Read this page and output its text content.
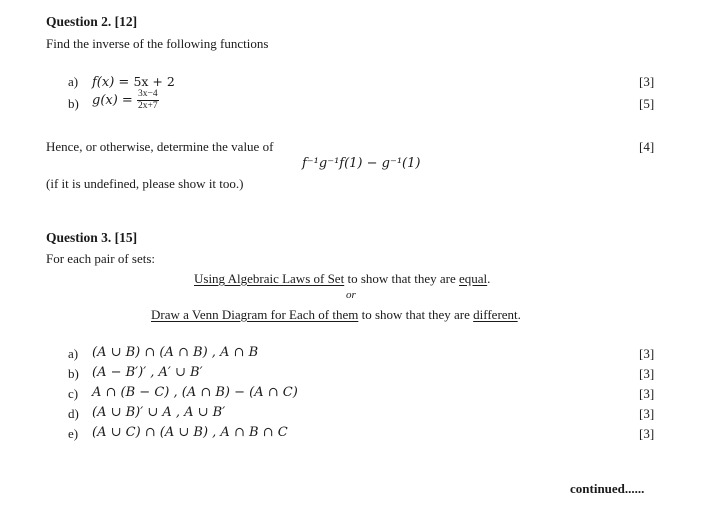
Question 2. [12]
Find the inverse of the following functions
a) f(x) = 5x + 2	[3]
b) $g(x) = \frac{3x-4}{2x+7}$	[5]
Hence, or otherwise, determine the value of	[4]
f⁻¹g⁻¹f(1) − g⁻¹(1)
(if it is undefined, please show it too.)
Question 3. [15]
For each pair of sets:
Using Algebraic Laws of Set to show that they are equal.
or
Draw a Venn Diagram for Each of them to show that they are different.
a) (A ∪ B) ∩ (A ∩ B) , A ∩ B	[3]
b) (A − B′)′ , A′ ∪ B′	[3]
c) A ∩ (B − C) , (A ∩ B) − (A ∩ C)	[3]
d) (A ∪ B)′ ∪ A , A ∪ B′	[3]
e) (A ∪ C) ∩ (A ∪ B) , A ∩ B ∩ C	[3]
continued......
